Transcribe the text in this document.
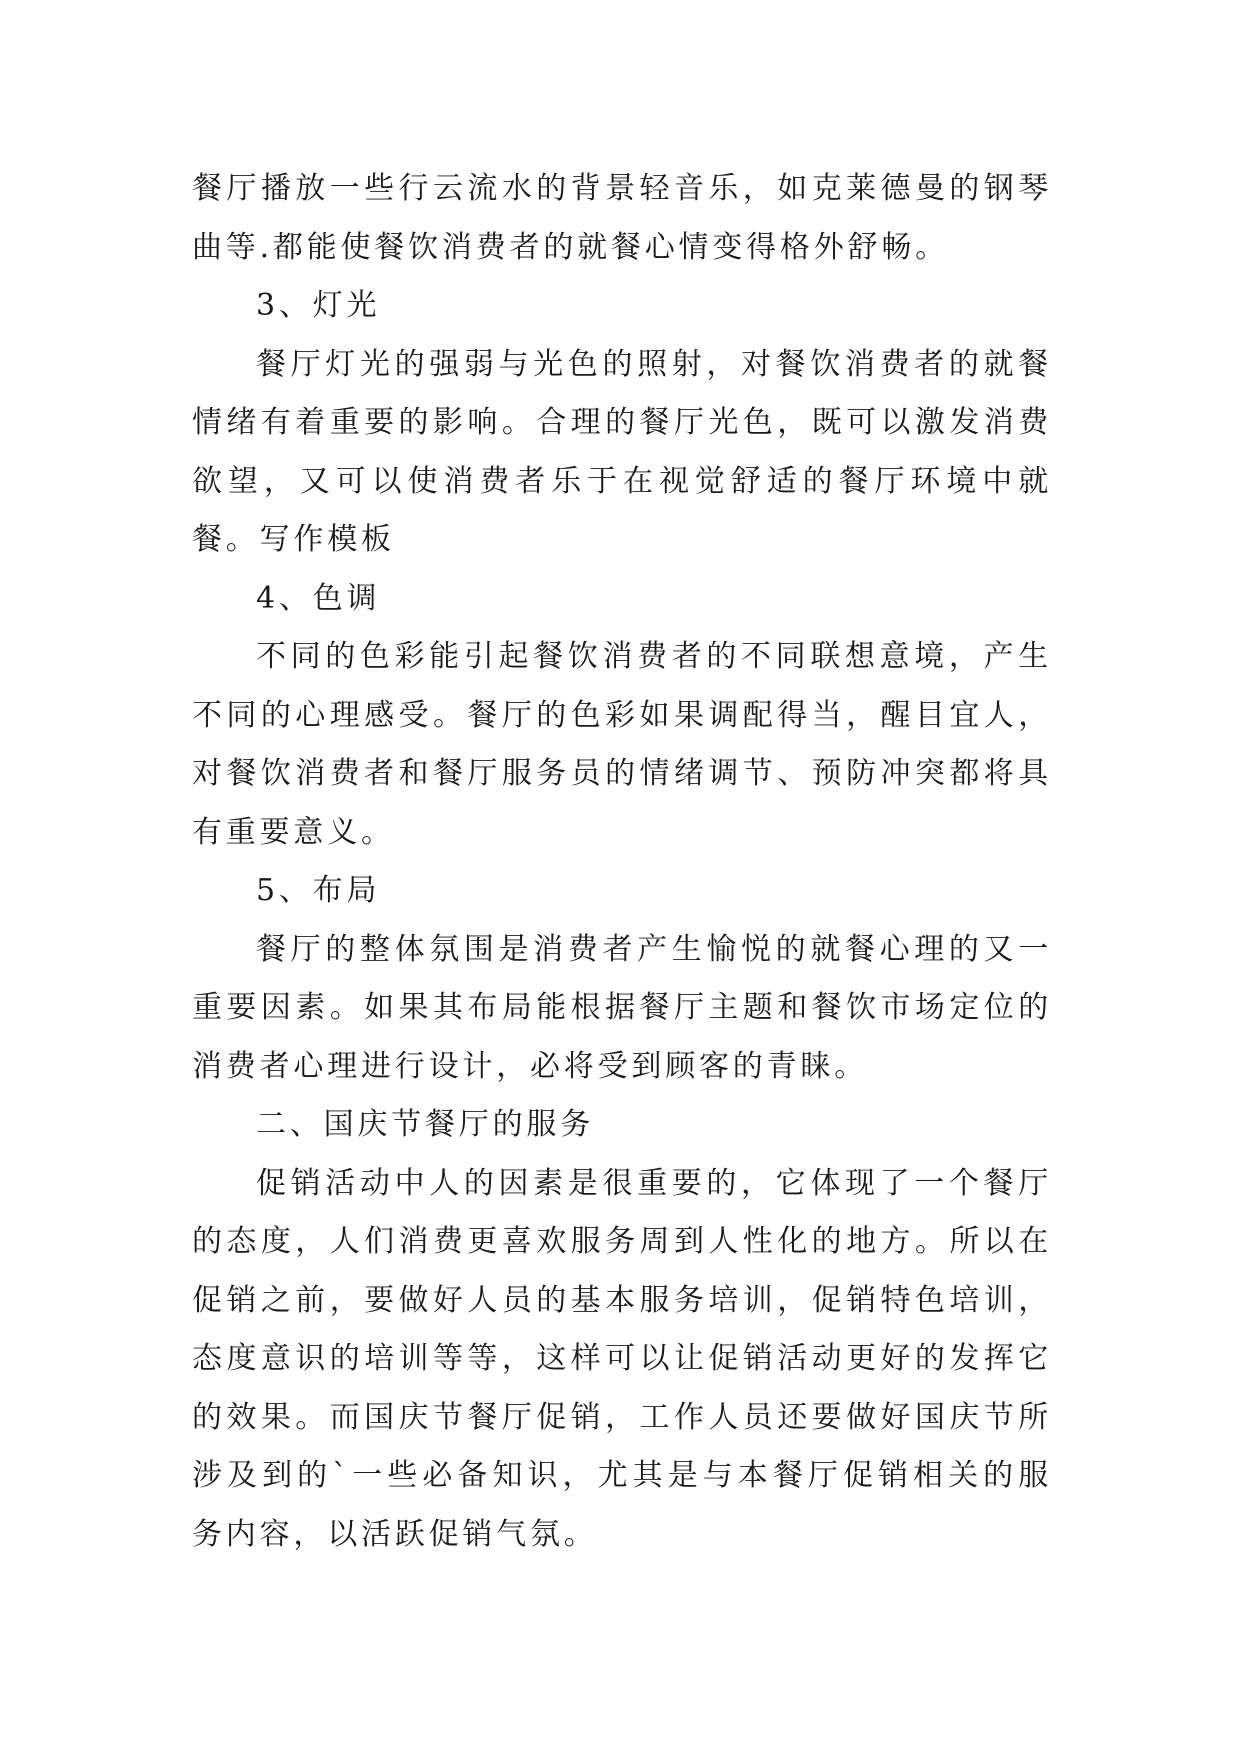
餐厅播放一些行云流水的背景轻音乐，如克莱德曼的钢琴曲等.都能使餐饮消费者的就餐心情变得格外舒畅。

3、灯光

餐厅灯光的强弱与光色的照射，对餐饮消费者的就餐情绪有着重要的影响。合理的餐厅光色，既可以激发消费欲望，又可以使消费者乐于在视觉舒适的餐厅环境中就餐。写作模板

4、色调

不同的色彩能引起餐饮消费者的不同联想意境，产生不同的心理感受。餐厅的色彩如果调配得当，醒目宜人，对餐饮消费者和餐厅服务员的情绪调节、预防冲突都将具有重要意义。

5、布局

餐厅的整体氛围是消费者产生愉悦的就餐心理的又一重要因素。如果其布局能根据餐厅主题和餐饮市场定位的消费者心理进行设计，必将受到顾客的青睐。

二、国庆节餐厅的服务

促销活动中人的因素是很重要的，它体现了一个餐厅的态度，人们消费更喜欢服务周到人性化的地方。所以在促销之前，要做好人员的基本服务培训，促销特色培训，态度意识的培训等等，这样可以让促销活动更好的发挥它的效果。而国庆节餐厅促销，工作人员还要做好国庆节所涉及到的`一些必备知识，尤其是与本餐厅促销相关的服务内容，以活跃促销气氛。
